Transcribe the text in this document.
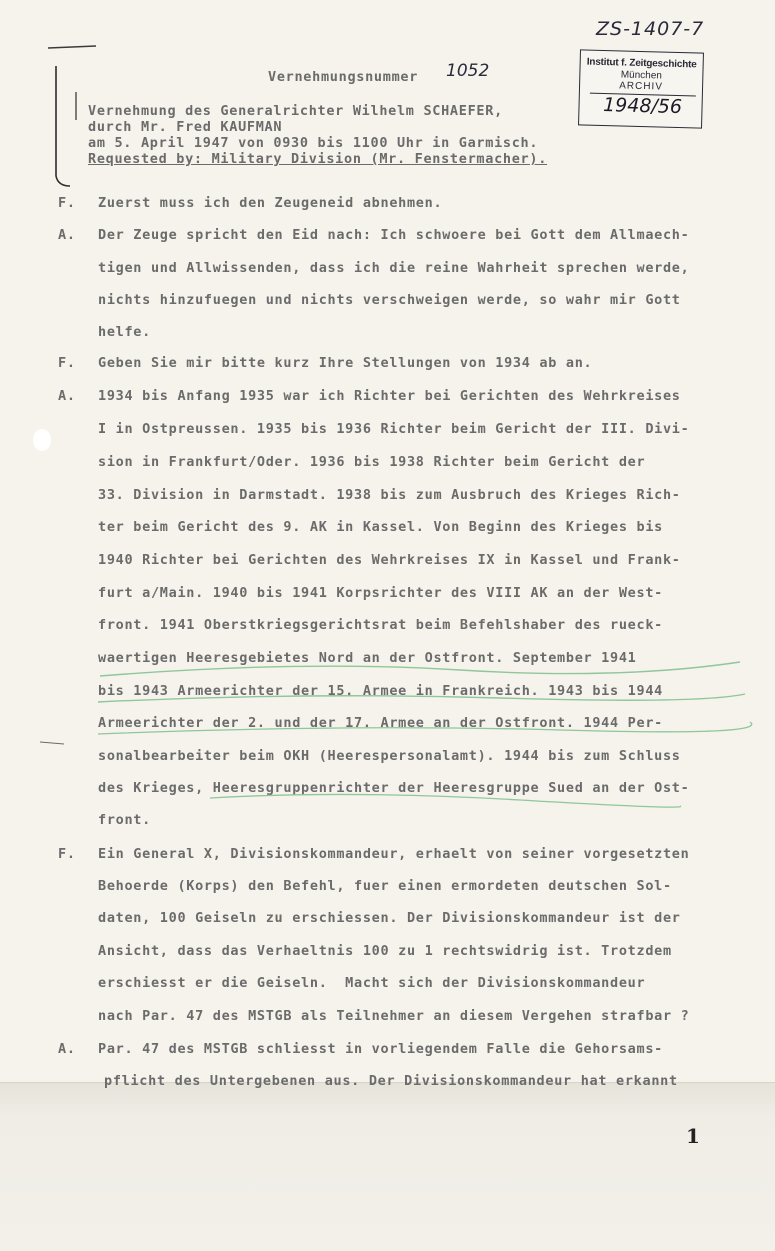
ZS-1407-7
Institut f. Zeitgeschichte
München
ARCHIV
1948/56
Vernehmungsnummer 1052
Vernehmung des Generalrichter Wilhelm SCHAEFER,
durch Mr. Fred KAUFMAN
am 5. April 1947 von 0930 bis 1100 Uhr in Garmisch.
Requested by: Military Division (Mr. Fenstermacher).
F. Zuerst muss ich den Zeugeneid abnehmen.
A. Der Zeuge spricht den Eid nach: Ich schwoere bei Gott dem Allmaech-
tigen und Allwissenden, dass ich die reine Wahrheit sprechen werde,
nichts hinzufuegen und nichts verschweigen werde, so wahr mir Gott
helfe.
F. Geben Sie mir bitte kurz Ihre Stellungen von 1934 ab an.
A. 1934 bis Anfang 1935 war ich Richter bei Gerichten des Wehrkreises
I in Ostpreussen. 1935 bis 1936 Richter beim Gericht der III. Divi-
sion in Frankfurt/Oder. 1936 bis 1938 Richter beim Gericht der
33. Division in Darmstadt. 1938 bis zum Ausbruch des Krieges Rich-
ter beim Gericht des 9. AK in Kassel. Von Beginn des Krieges bis
1940 Richter bei Gerichten des Wehrkreises IX in Kassel und Frank-
furt a/Main. 1940 bis 1941 Korpsrichter des VIII AK an der West-
front. 1941 Oberstkriegsgerichtsrat beim Befehlshaber des rueck-
waertigen Heeresgebietes Nord an der Ostfront. September 1941
bis 1943 Armeerichter der 15. Armee in Frankreich. 1943 bis 1944
Armeerichter der 2. und der 17. Armee an der Ostfront. 1944 Per-
sonalbearbeiter beim OKH (Heerespersonalamt). 1944 bis zum Schluss
des Krieges, Heeresgruppenrichter der Heeresgruppe Sued an der Ost-
front.
F. Ein General X, Divisionskommandeur, erhaelt von seiner vorgesetzten
Behoerde (Korps) den Befehl, fuer einen ermordeten deutschen Sol-
daten, 100 Geiseln zu erschiessen. Der Divisionskommandeur ist der
Ansicht, dass das Verhaeltnis 100 zu 1 rechtswidrig ist. Trotzdem
erschiesst er die Geiseln.  Macht sich der Divisionskommandeur
nach Par. 47 des MSTGB als Teilnehmer an diesem Vergehen strafbar ?
A. Par. 47 des MSTGB schliesst in vorliegendem Falle die Gehorsams-
pflicht des Untergebenen aus. Der Divisionskommandeur hat erkannt
1
